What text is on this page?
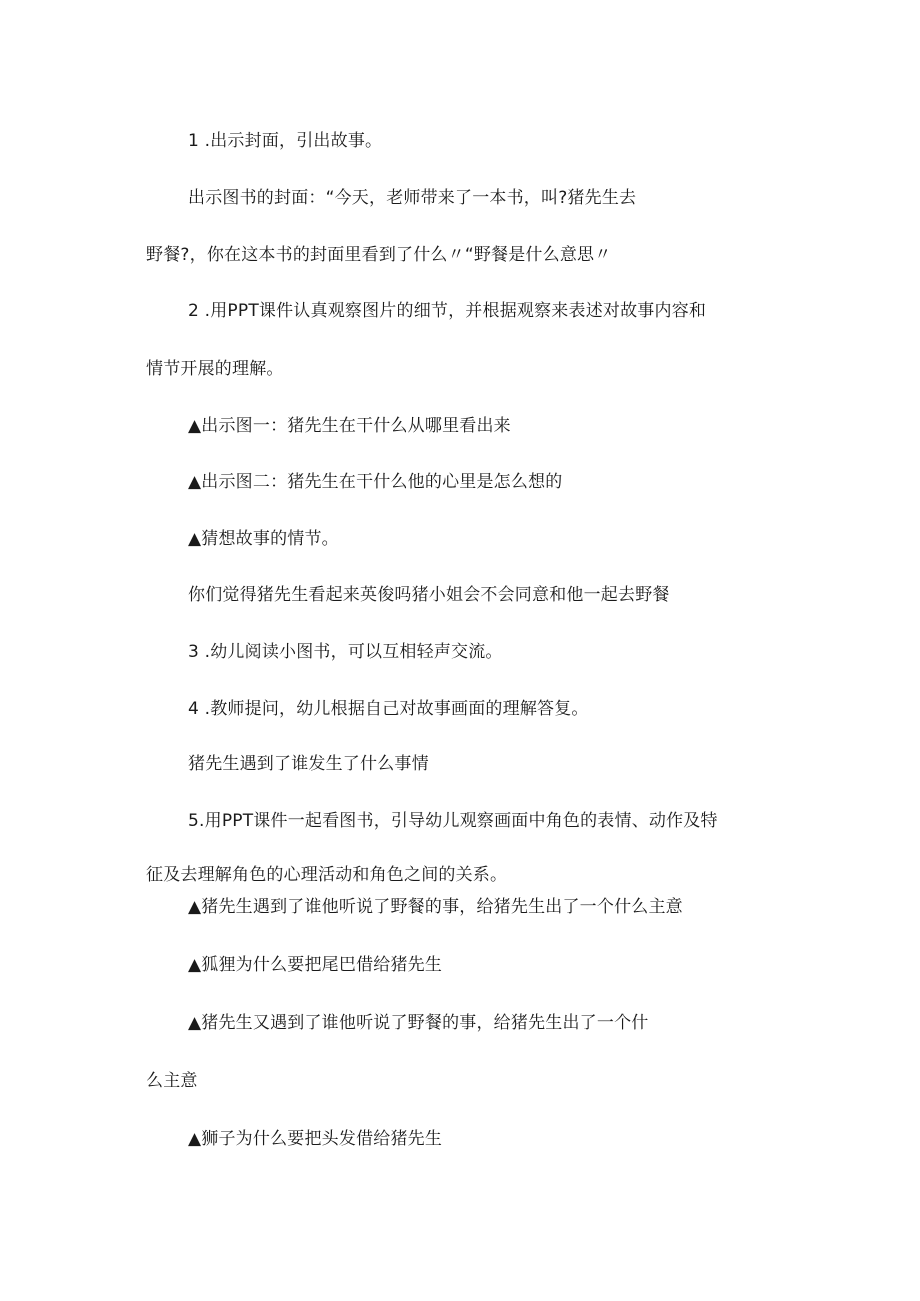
1 .出示封面，引出故事。
出示图书的封面：“今天，老师带来了一本书，叫?猪先生去
野餐?，你在这本书的封面里看到了什么〃“野餐是什么意思〃
2 .用PPT课件认真观察图片的细节，并根据观察来表述对故事内容和
情节开展的理解。
▲出示图一：猪先生在干什么从哪里看出来
▲出示图二：猪先生在干什么他的心里是怎么想的
▲猜想故事的情节。
你们觉得猪先生看起来英俊吗猪小姐会不会同意和他一起去野餐
3 .幼儿阅读小图书，可以互相轻声交流。
4 .教师提问，幼儿根据自己对故事画面的理解答复。
猪先生遇到了谁发生了什么事情
5.用PPT课件一起看图书，引导幼儿观察画面中角色的表情、动作及特
征及去理解角色的心理活动和角色之间的关系。
▲猪先生遇到了谁他听说了野餐的事，给猪先生出了一个什么主意
▲狐狸为什么要把尾巴借给猪先生
▲猪先生又遇到了谁他听说了野餐的事，给猪先生出了一个什
么主意
▲狮子为什么要把头发借给猪先生
